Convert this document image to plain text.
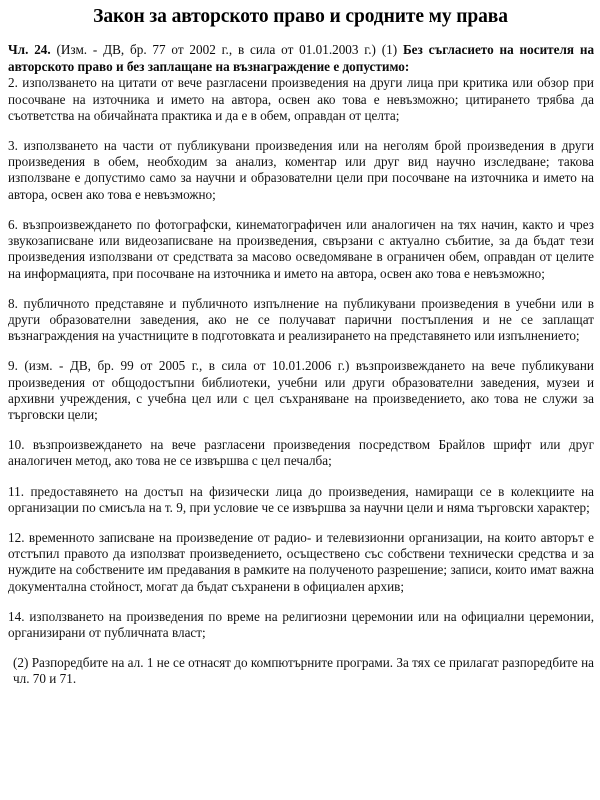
Закон за авторското право и сродните му права

Чл. 24. (Изм. - ДВ, бр. 77 от 2002 г., в сила от 01.01.2003 г.) (1) Без съгласието на носителя на авторското право и без заплащане на възнаграждение е допустимо:

2. използването на цитати от вече разгласени произведения на други лица при критика или обзор при посочване на източника и името на автора, освен ако това е невъзможно; цитирането трябва да съответства на обичайната практика и да е в обем, оправдан от целта;

3. използването на части от публикувани произведения или на неголям брой произведения в други произведения в обем, необходим за анализ, коментар или друг вид научно изследване; такова използване е допустимо само за научни и образователни цели при посочване на източника и името на автора, освен ако това е невъзможно;

6. възпроизвеждането по фотографски, кинематографичен или аналогичен на тях начин, както и чрез звукозаписване или видеозаписване на произведения, свързани с актуално събитие, за да бъдат тези произведения използвани от средствата за масово осведомяване в ограничен обем, оправдан от целите на информацията, при посочване на източника и името на автора, освен ако това е невъзможно;

8. публичното представяне и публичното изпълнение на публикувани произведения в учебни или в други образователни заведения, ако не се получават парични постъпления и не се заплащат възнаграждения на участниците в подготовката и реализирането на представянето или изпълнението;

9. (изм. - ДВ, бр. 99 от 2005 г., в сила от 10.01.2006 г.) възпроизвеждането на вече публикувани произведения от общодостъпни библиотеки, учебни или други образователни заведения, музеи и архивни учреждения, с учебна цел или с цел съхраняване на произведението, ако това не служи за търговски цели;

10. възпроизвеждането на вече разгласени произведения посредством Брайлов шрифт или друг аналогичен метод, ако това не се извършва с цел печалба;

11. предоставянето на достъп на физически лица до произведения, намиращи се в колекциите на организации по смисъла на т. 9, при условие че се извършва за научни цели и няма търговски характер;

12. временното записване на произведение от радио- и телевизионни организации, на които авторът е отстъпил правото да използват произведението, осъществено със собствени технически средства и за нуждите на собствените им предавания в рамките на полученото разрешение; записи, които имат важна документална стойност, могат да бъдат съхранени в официален архив;

14. използването на произведения по време на религиозни церемонии или на официални церемонии, организирани от публичната власт;

(2) Разпоредбите на ал. 1 не се отнасят до компютърните програми. За тях се прилагат разпоредбите на чл. 70 и 71.
